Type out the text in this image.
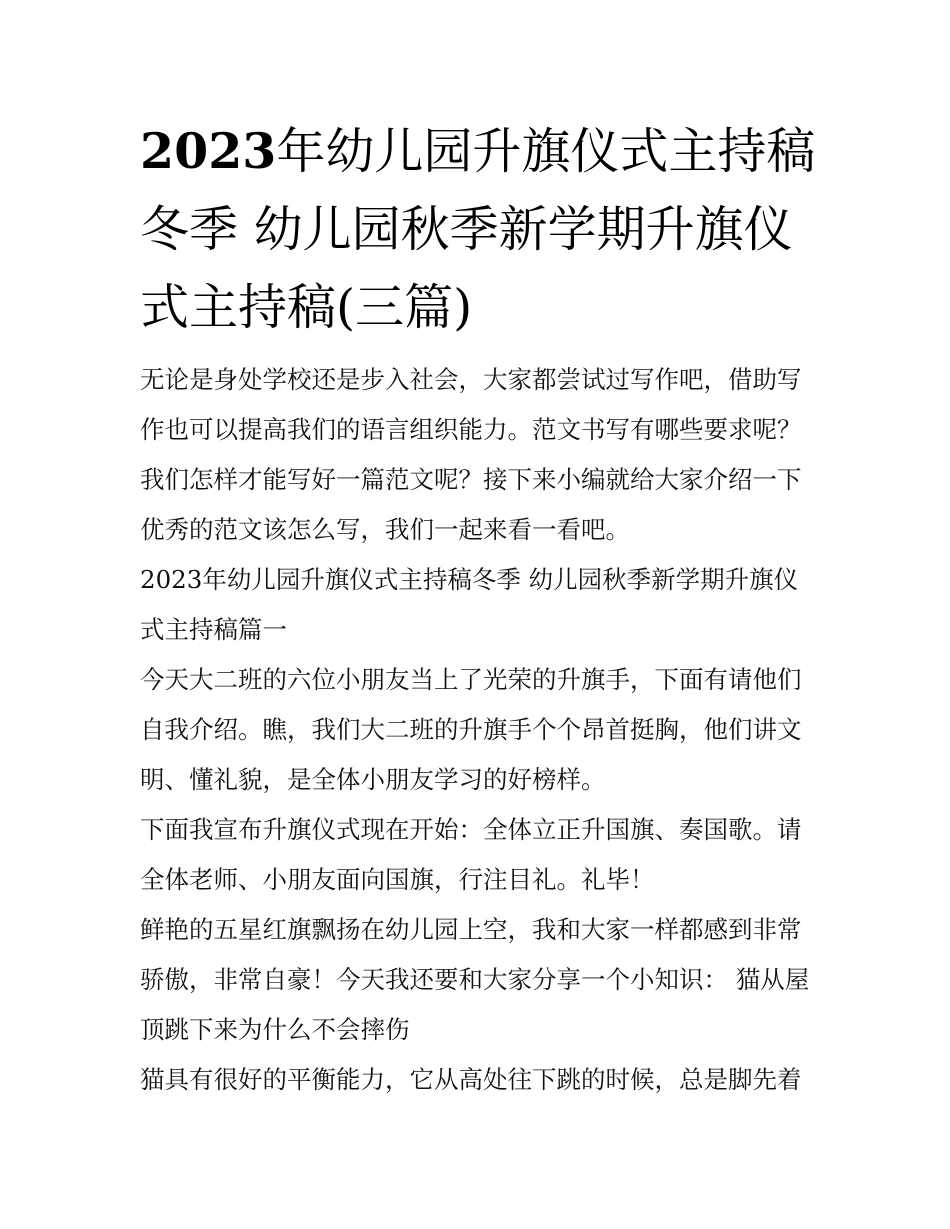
2023年幼儿园升旗仪式主持稿冬季 幼儿园秋季新学期升旗仪式主持稿(三篇)

无论是身处学校还是步入社会，大家都尝试过写作吧，借助写作也可以提高我们的语言组织能力。范文书写有哪些要求呢？我们怎样才能写好一篇范文呢？接下来小编就给大家介绍一下优秀的范文该怎么写，我们一起来看一看吧。

2023年幼儿园升旗仪式主持稿冬季 幼儿园秋季新学期升旗仪式主持稿篇一

今天大二班的六位小朋友当上了光荣的升旗手，下面有请他们自我介绍。瞧，我们大二班的升旗手个个昂首挺胸，他们讲文明、懂礼貌，是全体小朋友学习的好榜样。

下面我宣布升旗仪式现在开始：全体立正升国旗、奏国歌。请全体老师、小朋友面向国旗，行注目礼。礼毕！

鲜艳的五星红旗飘扬在幼儿园上空，我和大家一样都感到非常骄傲，非常自豪！今天我还要和大家分享一个小知识： 猫从屋顶跳下来为什么不会摔伤

猫具有很好的平衡能力，它从高处往下跳的时候，总是脚先着
